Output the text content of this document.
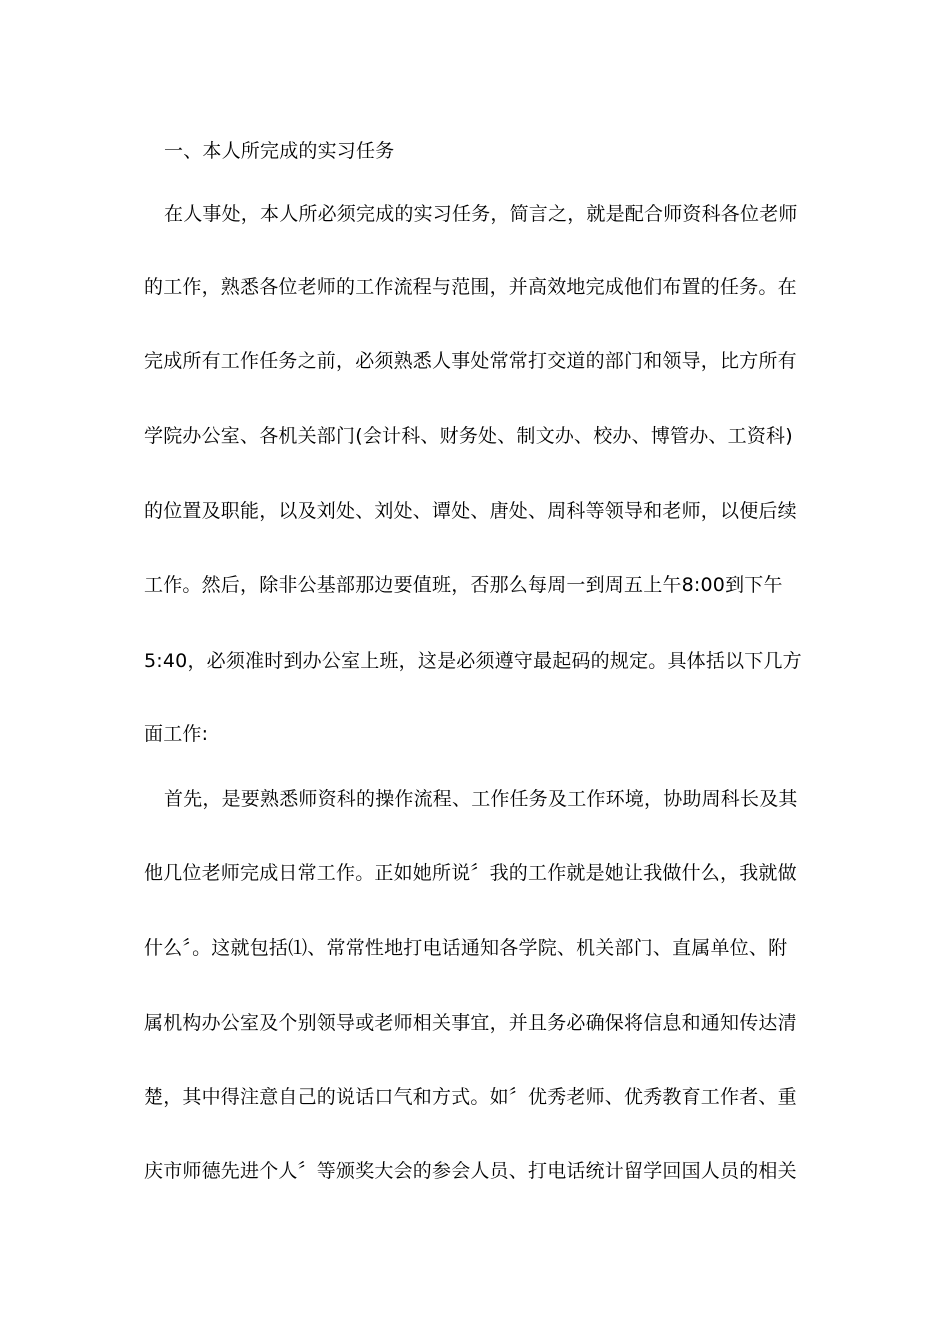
一、本人所完成的实习任务
在人事处，本人所必须完成的实习任务，简言之，就是配合师资科各位老师
的工作，熟悉各位老师的工作流程与范围，并高效地完成他们布置的任务。在
完成所有工作任务之前，必须熟悉人事处常常打交道的部门和领导，比方所有
学院办公室、各机关部门(会计科、财务处、制文办、校办、博管办、工资科)
的位置及职能，以及刘处、刘处、谭处、唐处、周科等领导和老师，以便后续
工作。然后，除非公基部那边要值班，否那么每周一到周五上午8:00到下午
5:40，必须准时到办公室上班，这是必须遵守最起码的规定。具体括以下几方
面工作:
首先，是要熟悉师资科的操作流程、工作任务及工作环境，协助周科长及其
他几位老师完成日常工作。正如她所说〞我的工作就是她让我做什么，我就做
什么〞。这就包括⑴、常常性地打电话通知各学院、机关部门、直属单位、附
属机构办公室及个别领导或老师相关事宜，并且务必确保将信息和通知传达清
楚，其中得注意自己的说话口气和方式。如〞优秀老师、优秀教育工作者、重
庆市师德先进个人〞等颁奖大会的参会人员、打电话统计留学回国人员的相关
